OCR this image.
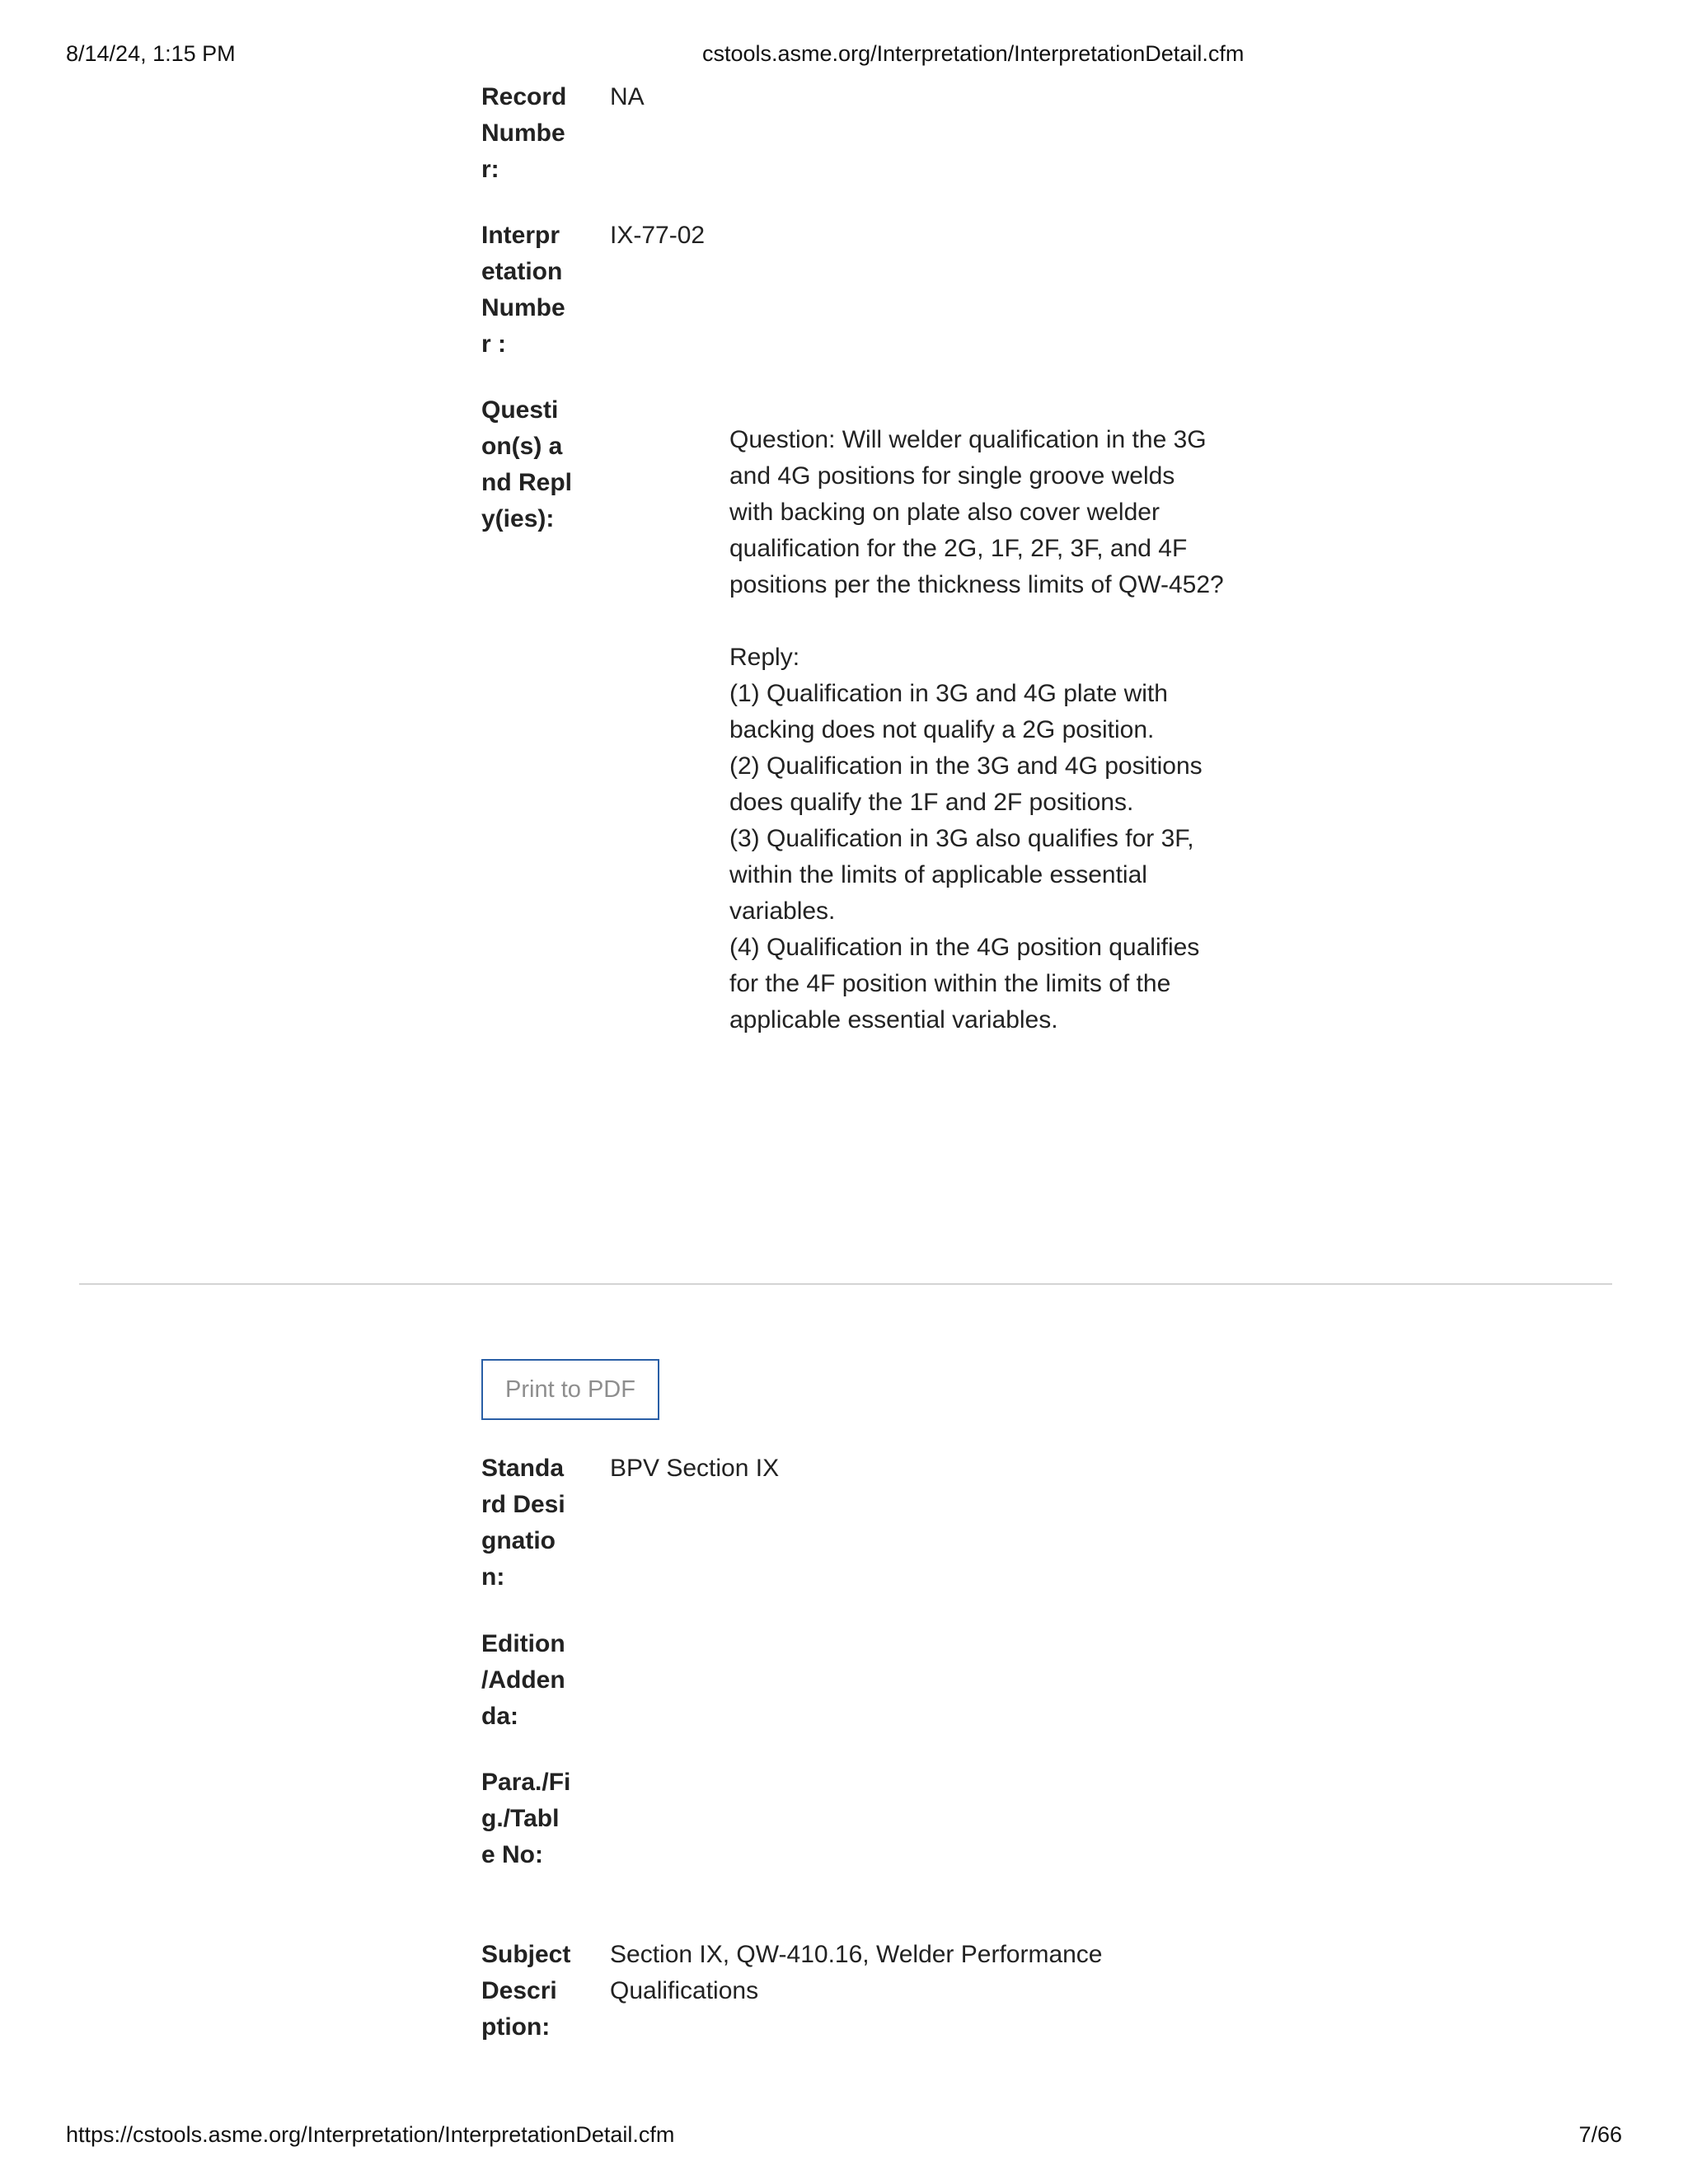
8/14/24, 1:15 PM	cstools.asme.org/Interpretation/InterpretationDetail.cfm
Record Number:
NA
Interpretation Number :
IX-77-02
Question(s) and Reply(ies):
Question: Will welder qualification in the 3G and 4G positions for single groove welds with backing on plate also cover welder qualification for the 2G, 1F, 2F, 3F, and 4F positions per the thickness limits of QW-452?

Reply:
(1) Qualification in 3G and 4G plate with backing does not qualify a 2G position.
(2) Qualification in the 3G and 4G positions does qualify the 1F and 2F positions.
(3) Qualification in 3G also qualifies for 3F, within the limits of applicable essential variables.
(4) Qualification in the 4G position qualifies for the 4F position within the limits of the applicable essential variables.
Print to PDF
Standard Designation:
BPV Section IX
Edition /Addenda:
Para./Fig./Table No:
Subject Description:
Section IX, QW-410.16, Welder Performance Qualifications
https://cstools.asme.org/Interpretation/InterpretationDetail.cfm	7/66
